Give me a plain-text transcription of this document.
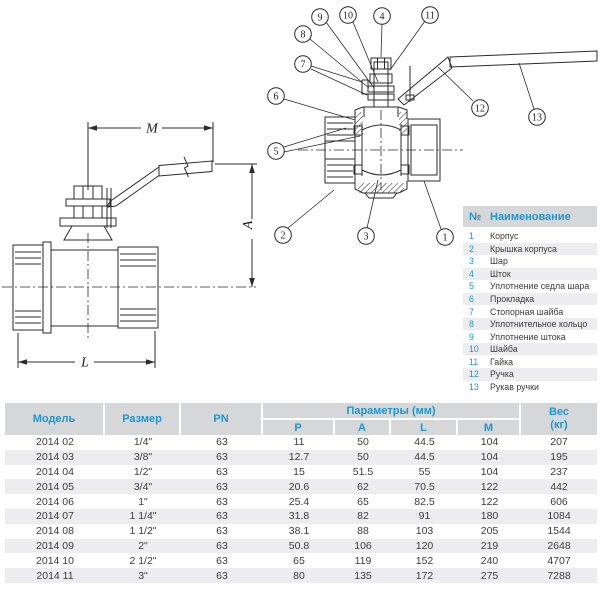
M
L
A
1
2	3
4
5
6
7
8
9 10	11
12
13
№ Наименование
1	Корпус
2	Крышка корпуса
3	Шар
4	Шток
5	Уплотнение седла шара
6	Прокладка
7	Стопорная шайба
8	Уплотнительное кольцо
9	Уплотнение штока
10	Шайба
11	Гайка
12	Ручка
13	Рукав ручки
Модель	Размер	PN	Параметры (мм)				Вес
(кг)

			P	A	L	M	
2014 02	1/4"	63	11	50	44.5	104	207
2014 03	3/8"	63	12.7	50	44.5	104	195
2014 04	1/2"	63	15	51.5	55	104	237
2014 05	3/4"	63	20.6	62	70.5	122	442
2014 06	1"	63	25.4	65	82.5	122	606
2014 07	1 1/4"	63	31.8	82	91	180	1084
2014 08	1 1/2"	63	38.1	88	103	205	1544
2014 09	2"	63	50.8	106	120	219	2648
2014 10	2 1/2"	63	65	119	152	240	4707
2014 11	3"	63	80	135	172	275	7288
